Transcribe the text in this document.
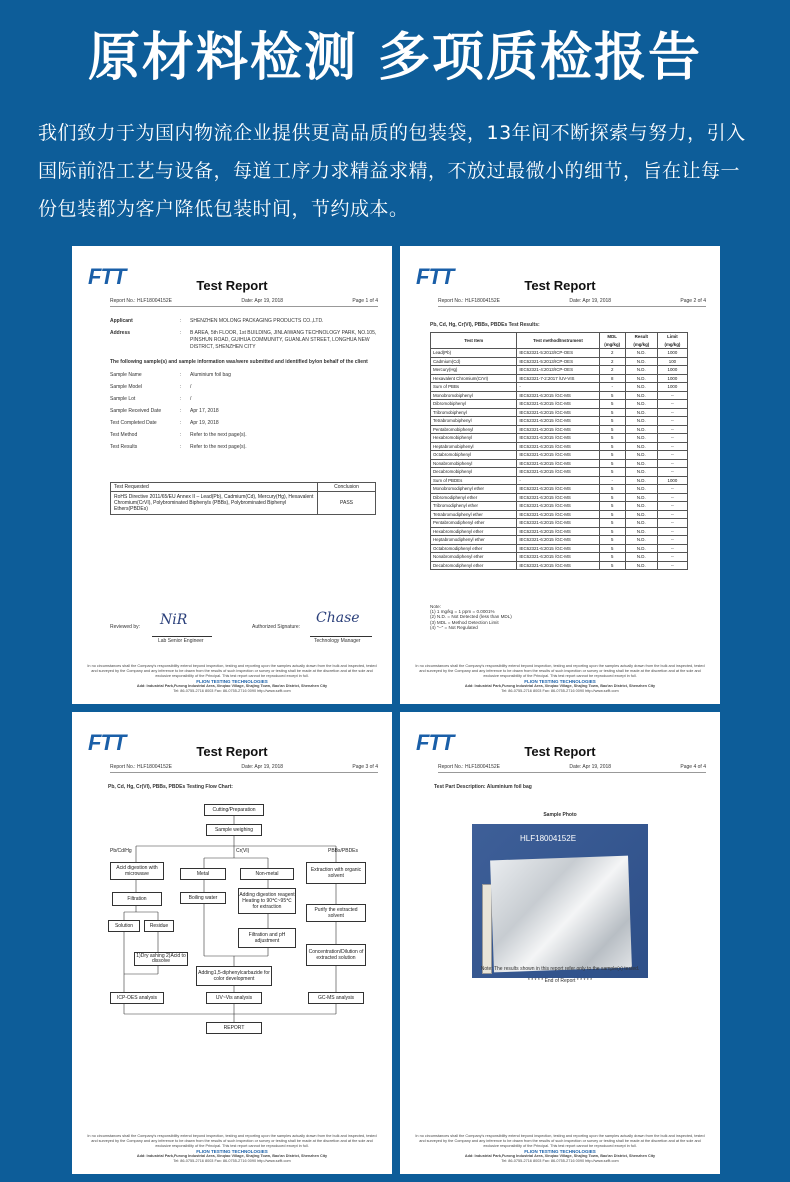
原材料检测 多项质检报告
我们致力于为国内物流企业提供更高品质的包装袋，13年间不断探索与努力，引入国际前沿工艺与设备，每道工序力求精益求精，不放过最微小的细节，旨在让每一份包装都为客户降低包装时间，节约成本。
FTT	Test Report
Report No.: HLF18004152E	Date: Apr 19, 2018	Page 1 of 4
Applicant	:	SHENZHEN MOLONG PACKAGING PRODUCTS CO.,LTD.
Address	:	B AREA, 5th FLOOR, 1st BUILDING, JINLAIWANG TECHNOLOGY PARK, NO.105, PINSHUN ROAD, GUIHUA COMMUNITY, GUANLAN STREET, LONGHUA NEW DISTRICT, SHENZHEN CITY
The following sample(s) and sample information was/were submitted and identified by/on behalf of the client
Sample Name	:	Aluminium foil bag
Sample Model	:	/
Sample Lot	:	/
Sample Received Date	:	Apr 17, 2018
Test Completed Date	:	Apr 19, 2018
Test Method	:	Refer to the next page(s).
Test Results	:	Refer to the next page(s).
Test Requested	Conclusion
RoHS Directive 2011/65/EU Annex II – Lead(Pb), Cadmium(Cd), Mercury(Hg), Hexavalent Chromium(CrVI), Polybrominated Biphenyls (PBBs), Polybrominated Biphenyl Ethers(PBDEs)	PASS
Reviewed by: NiR
Lab Senior Engineer
Authorized Signature:
Chase
Technology Manager
In no circumstances shall the Company's responsibility extend beyond inspection, testing and reporting upon the samples actually drawn from the bulk and inspected, tested and surveyed by the Company and any inference to be drawn from the results of such inspection or survey or testing shall be made at the discretion and at the sole and exclusive responsibility of the Principal. This test report cannot be reproduced except in full.
FLION TESTING TECHNOLOGIES
Add: Industrial Park,Furong Industrial Area, Xinqiao Village, Shajing Town, Bao'an District, Shenzhen City
Tel: 86-0755-2716 8003 Fax: 86-0755-2716 0090 http://www.szflt.com
FTT	Test Report
Report No.: HLF18004152E	Date: Apr 19, 2018	Page 2 of 4
Pb, Cd, Hg, Cr(VI), PBBs, PBDEs Test Results:
Test Item	Test method/Instrument	MDL (mg/kg)	Result (mg/kg)	Limit (mg/kg)
Lead(Pb)	IEC62321-5:2013/ICP-OES	2	N.D.	1000
Cadmium(Cd)	IEC62321-5:2013/ICP-OES	2	N.D.	100
Mercury(Hg)	IEC62321-4:2013/ICP-OES	2	N.D.	1000
Hexavalent Chromium(CrVI)	IEC62321-7-2:2017 /UV-VIS	8	N.D.	1000
Sum of PBBs	-	-	N.D.	1000
Monobromobiphenyl	IEC62321-6:2015 /GC-MS	5	N.D.	--
Dibromobiphenyl	IEC62321-6:2015 /GC-MS	5	N.D.	--
Tribromobiphenyl	IEC62321-6:2015 /GC-MS	5	N.D.	--
Tetrabromobiphenyl	IEC62321-6:2015 /GC-MS	5	N.D.	--
Pentabromobiphenyl	IEC62321-6:2015 /GC-MS	5	N.D.	--
Hexabromobiphenyl	IEC62321-6:2015 /GC-MS	5	N.D.	--
Heptabromobiphenyl	IEC62321-6:2015 /GC-MS	5	N.D.	--
Octabromobiphenyl	IEC62321-6:2015 /GC-MS	5	N.D.	--
Nonabromobiphenyl	IEC62321-6:2015 /GC-MS	5	N.D.	--
Decabromobiphenyl	IEC62321-6:2015 /GC-MS	5	N.D.	--
Sum of PBDEs	-	-	N.D.	1000
Monobromodiphenyl ether	IEC62321-6:2015 /GC-MS	5	N.D.	--
Dibromodiphenyl ether	IEC62321-6:2015 /GC-MS	5	N.D.	--
Tribromodiphenyl ether	IEC62321-6:2015 /GC-MS	5	N.D.	--
Tetrabromodiphenyl ether	IEC62321-6:2015 /GC-MS	5	N.D.	--
Pentabromodiphenyl ether	IEC62321-6:2015 /GC-MS	5	N.D.	--
Hexabromodiphenyl ether	IEC62321-6:2015 /GC-MS	5	N.D.	--
Heptabromodiphenyl ether	IEC62321-6:2015 /GC-MS	5	N.D.	--
Octabromodiphenyl ether	IEC62321-6:2015 /GC-MS	5	N.D.	--
Nonabromodiphenyl ether	IEC62321-6:2015 /GC-MS	5	N.D.	--
Decabromodiphenyl ether	IEC62321-6:2015 /GC-MS	5	N.D.	--
Note:
(1) 1 mg/kg = 1 ppm = 0.0001%
(2) N.D. = Not Detected (less than MDL)
(3) MDL = Method Detection Limit
(4) "--" = Not Regulated
In no circumstances shall the Company's responsibility extend beyond inspection, testing and reporting upon the samples actually drawn from the bulk and inspected, tested and surveyed by the Company and any inference to be drawn from the results of such inspection or survey or testing shall be made at the discretion and at the sole and exclusive responsibility of the Principal. This test report cannot be reproduced except in full.
FLION TESTING TECHNOLOGIES
Add: Industrial Park,Furong Industrial Area, Xinqiao Village, Shajing Town, Bao'an District, Shenzhen City
Tel: 86-0755-2716 8003 Fax: 86-0755-2716 0090 http://www.szflt.com
FTT	Test Report
Report No.: HLF18004152E	Date: Apr 19, 2018	Page 3 of 4
Pb, Cd, Hg, Cr(VI), PBBs, PBDEs Testing Flow Chart:
Cutting/Preparation
Sample weighing
Pb/Cd/Hg	Cr(VI)	PBBs/PBDEs
Acid digestion with microwave	Metal	Non-metal
Extraction with organic solvent
Filtration	Boiling water	Adding digestion reagent Heating to 90℃~95℃ for extraction	Purify the extracted solvent
Solution	Residue
Filtration and pH adjustment
1)Dry ashing 2)Acid to dissolve
Concentration/Dilution of extracted solution
Adding1,5-diphenylcarbazide for color development
ICP-OES analysis	UV~Vis analysis	GC-MS analysis
REPORT
In no circumstances shall the Company's responsibility extend beyond inspection, testing and reporting upon the samples actually drawn from the bulk and inspected, tested and surveyed by the Company and any inference to be drawn from the results of such inspection or survey or testing shall be made at the discretion and at the sole and exclusive responsibility of the Principal. This test report cannot be reproduced except in full.
FLION TESTING TECHNOLOGIES
Add: Industrial Park,Furong Industrial Area, Xinqiao Village, Shajing Town, Bao'an District, Shenzhen City
Tel: 86-0755-2716 8003 Fax: 86-0755-2716 0090 http://www.szflt.com
FTT	Test Report
Report No.: HLF18004152E	Date: Apr 19, 2018	Page 4 of 4
Test Part Description: Aluminium foil bag
Sample Photo
HLF18004152E
Note: The results shown in this report refer only to the sample(s) tested.
* * * * * End of Report * * * * *
In no circumstances shall the Company's responsibility extend beyond inspection, testing and reporting upon the samples actually drawn from the bulk and inspected, tested and surveyed by the Company and any inference to be drawn from the results of such inspection or survey or testing shall be made at the discretion and at the sole and exclusive responsibility of the Principal. This test report cannot be reproduced except in full.
FLION TESTING TECHNOLOGIES
Add: Industrial Park,Furong Industrial Area, Xinqiao Village, Shajing Town, Bao'an District, Shenzhen City
Tel: 86-0755-2716 8003 Fax: 86-0755-2716 0090 http://www.szflt.com
